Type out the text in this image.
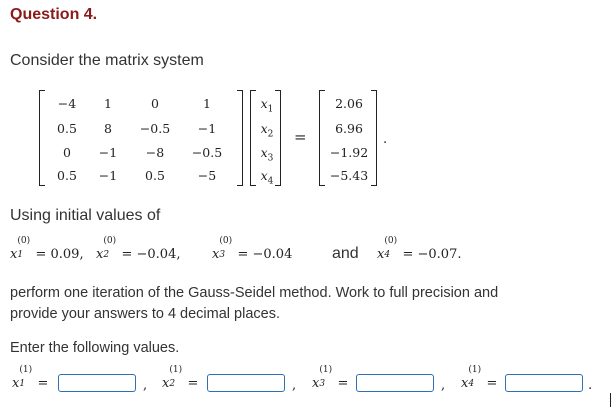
Question 4.
Consider the matrix system
−4	1	0	1
0.5	8	−0.5	−1
0	−1	−8	−0.5
0.5	−1	0.5	−5
$x_1$
$x_2$
$x_3$
$x_4$
=
2.06
6.96
−1.92
−5.43
.
Using initial values of
x
(0)
1 = 0.09, x
(0)
2 = −0.04, x
(0)
3 = −0.04 and x
(0)
4 = −0.07.
perform one iteration of the Gauss-Seidel method. Work to full precision and
provide your answers to 4 decimal places.
Enter the following values.
x
(1)
1 =	, x
(1)
2 =	, x
(1)
3 =	, x
(1)
4 =	.
